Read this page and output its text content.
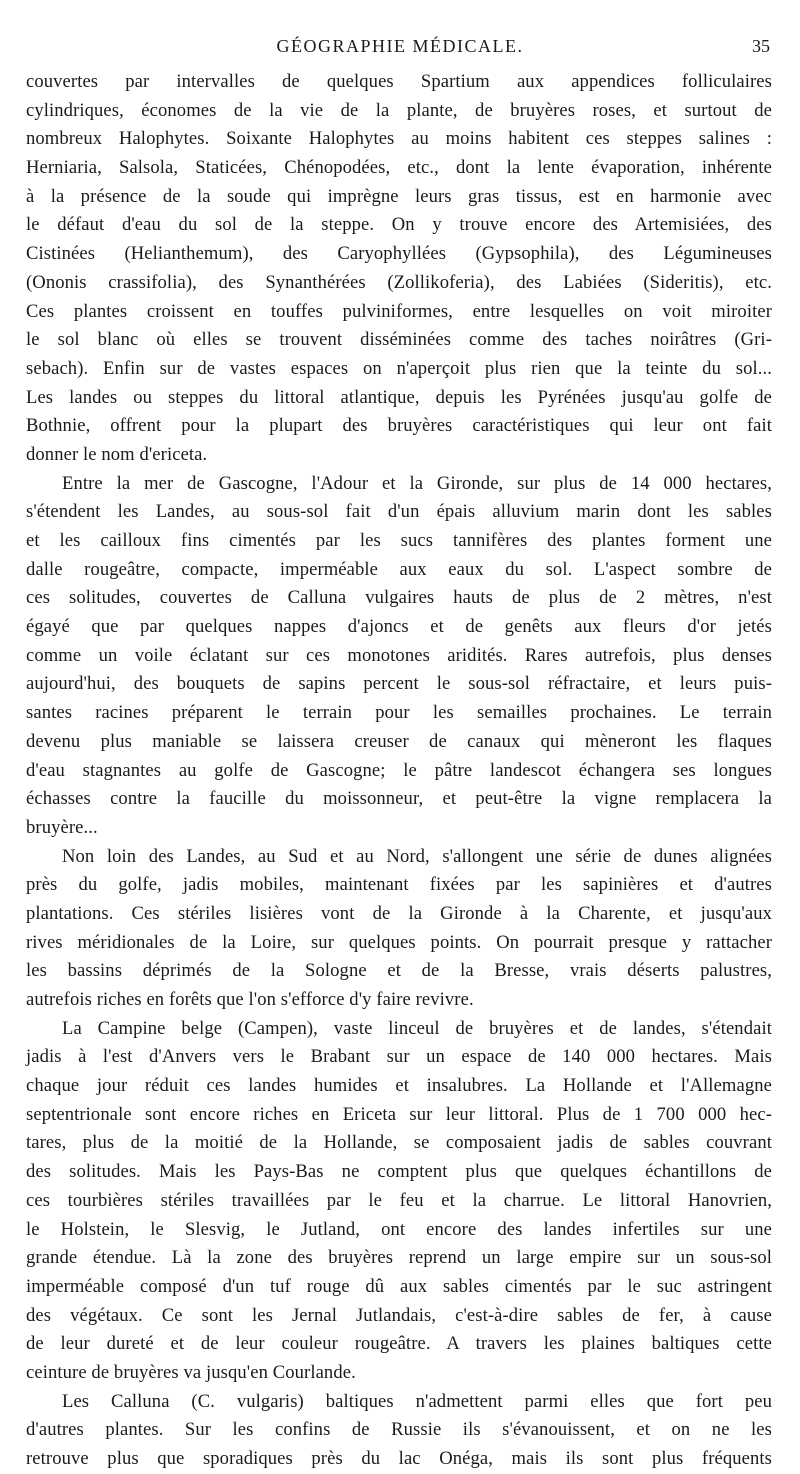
GÉOGRAPHIE MÉDICALE.	35
couvertes par intervalles de quelques Spartium aux appendices folliculaires
cylindriques, économes de la vie de la plante, de bruyères roses, et surtout de
nombreux Halophytes. Soixante Halophytes au moins habitent ces steppes salines :
Herniaria, Salsola, Staticées, Chénopodées, etc., dont la lente évaporation, inhérente
à la présence de la soude qui imprègne leurs gras tissus, est en harmonie avec
le défaut d'eau du sol de la steppe. On y trouve encore des Artemisiées, des
Cistinées (Helianthemum), des Caryophyllées (Gypsophila), des Légumineuses
(Ononis crassifolia), des Synanthérées (Zollikoferia), des Labiées (Sideritis), etc.
Ces plantes croissent en touffes pulviniformes, entre lesquelles on voit miroiter
le sol blanc où elles se trouvent disséminées comme des taches noirâtres (Gri-
sebach). Enfin sur de vastes espaces on n'aperçoit plus rien que la teinte du sol...
Les landes ou steppes du littoral atlantique, depuis les Pyrénées jusqu'au golfe de
Bothnie, offrent pour la plupart des bruyères caractéristiques qui leur ont fait
donner le nom d'ericeta.
Entre la mer de Gascogne, l'Adour et la Gironde, sur plus de 14 000 hectares,
s'étendent les Landes, au sous-sol fait d'un épais alluvium marin dont les sables
et les cailloux fins cimentés par les sucs tannifères des plantes forment une
dalle rougeâtre, compacte, imperméable aux eaux du sol. L'aspect sombre de
ces solitudes, couvertes de Calluna vulgaires hauts de plus de 2 mètres, n'est
égayé que par quelques nappes d'ajoncs et de genêts aux fleurs d'or jetés
comme un voile éclatant sur ces monotones aridités. Rares autrefois, plus denses
aujourd'hui, des bouquets de sapins percent le sous-sol réfractaire, et leurs puis-
santes racines préparent le terrain pour les semailles prochaines. Le terrain
devenu plus maniable se laissera creuser de canaux qui mèneront les flaques
d'eau stagnantes au golfe de Gascogne; le pâtre landescot échangera ses longues
échasses contre la faucille du moissonneur, et peut-être la vigne remplacera la
bruyère...
Non loin des Landes, au Sud et au Nord, s'allongent une série de dunes alignées
près du golfe, jadis mobiles, maintenant fixées par les sapinières et d'autres
plantations. Ces stériles lisières vont de la Gironde à la Charente, et jusqu'aux
rives méridionales de la Loire, sur quelques points. On pourrait presque y rattacher
les bassins déprimés de la Sologne et de la Bresse, vrais déserts palustres,
autrefois riches en forêts que l'on s'efforce d'y faire revivre.
La Campine belge (Campen), vaste linceul de bruyères et de landes, s'étendait
jadis à l'est d'Anvers vers le Brabant sur un espace de 140 000 hectares. Mais
chaque jour réduit ces landes humides et insalubres. La Hollande et l'Allemagne
septentrionale sont encore riches en Ericeta sur leur littoral. Plus de 1 700 000 hec-
tares, plus de la moitié de la Hollande, se composaient jadis de sables couvrant
des solitudes. Mais les Pays-Bas ne comptent plus que quelques échantillons de
ces tourbières stériles travaillées par le feu et la charrue. Le littoral Hanovrien,
le Holstein, le Slesvig, le Jutland, ont encore des landes infertiles sur une
grande étendue. Là la zone des bruyères reprend un large empire sur un sous-sol
imperméable composé d'un tuf rouge dû aux sables cimentés par le suc astringent
des végétaux. Ce sont les Jernal Jutlandais, c'est-à-dire sables de fer, à cause
de leur dureté et de leur couleur rougeâtre. A travers les plaines baltiques cette
ceinture de bruyères va jusqu'en Courlande.
Les Calluna (C. vulgaris) baltiques n'admettent parmi elles que fort peu
d'autres plantes. Sur les confins de Russie ils s'évanouissent, et on ne les
retrouve plus que sporadiques près du lac Onéga, mais ils sont plus fréquents
